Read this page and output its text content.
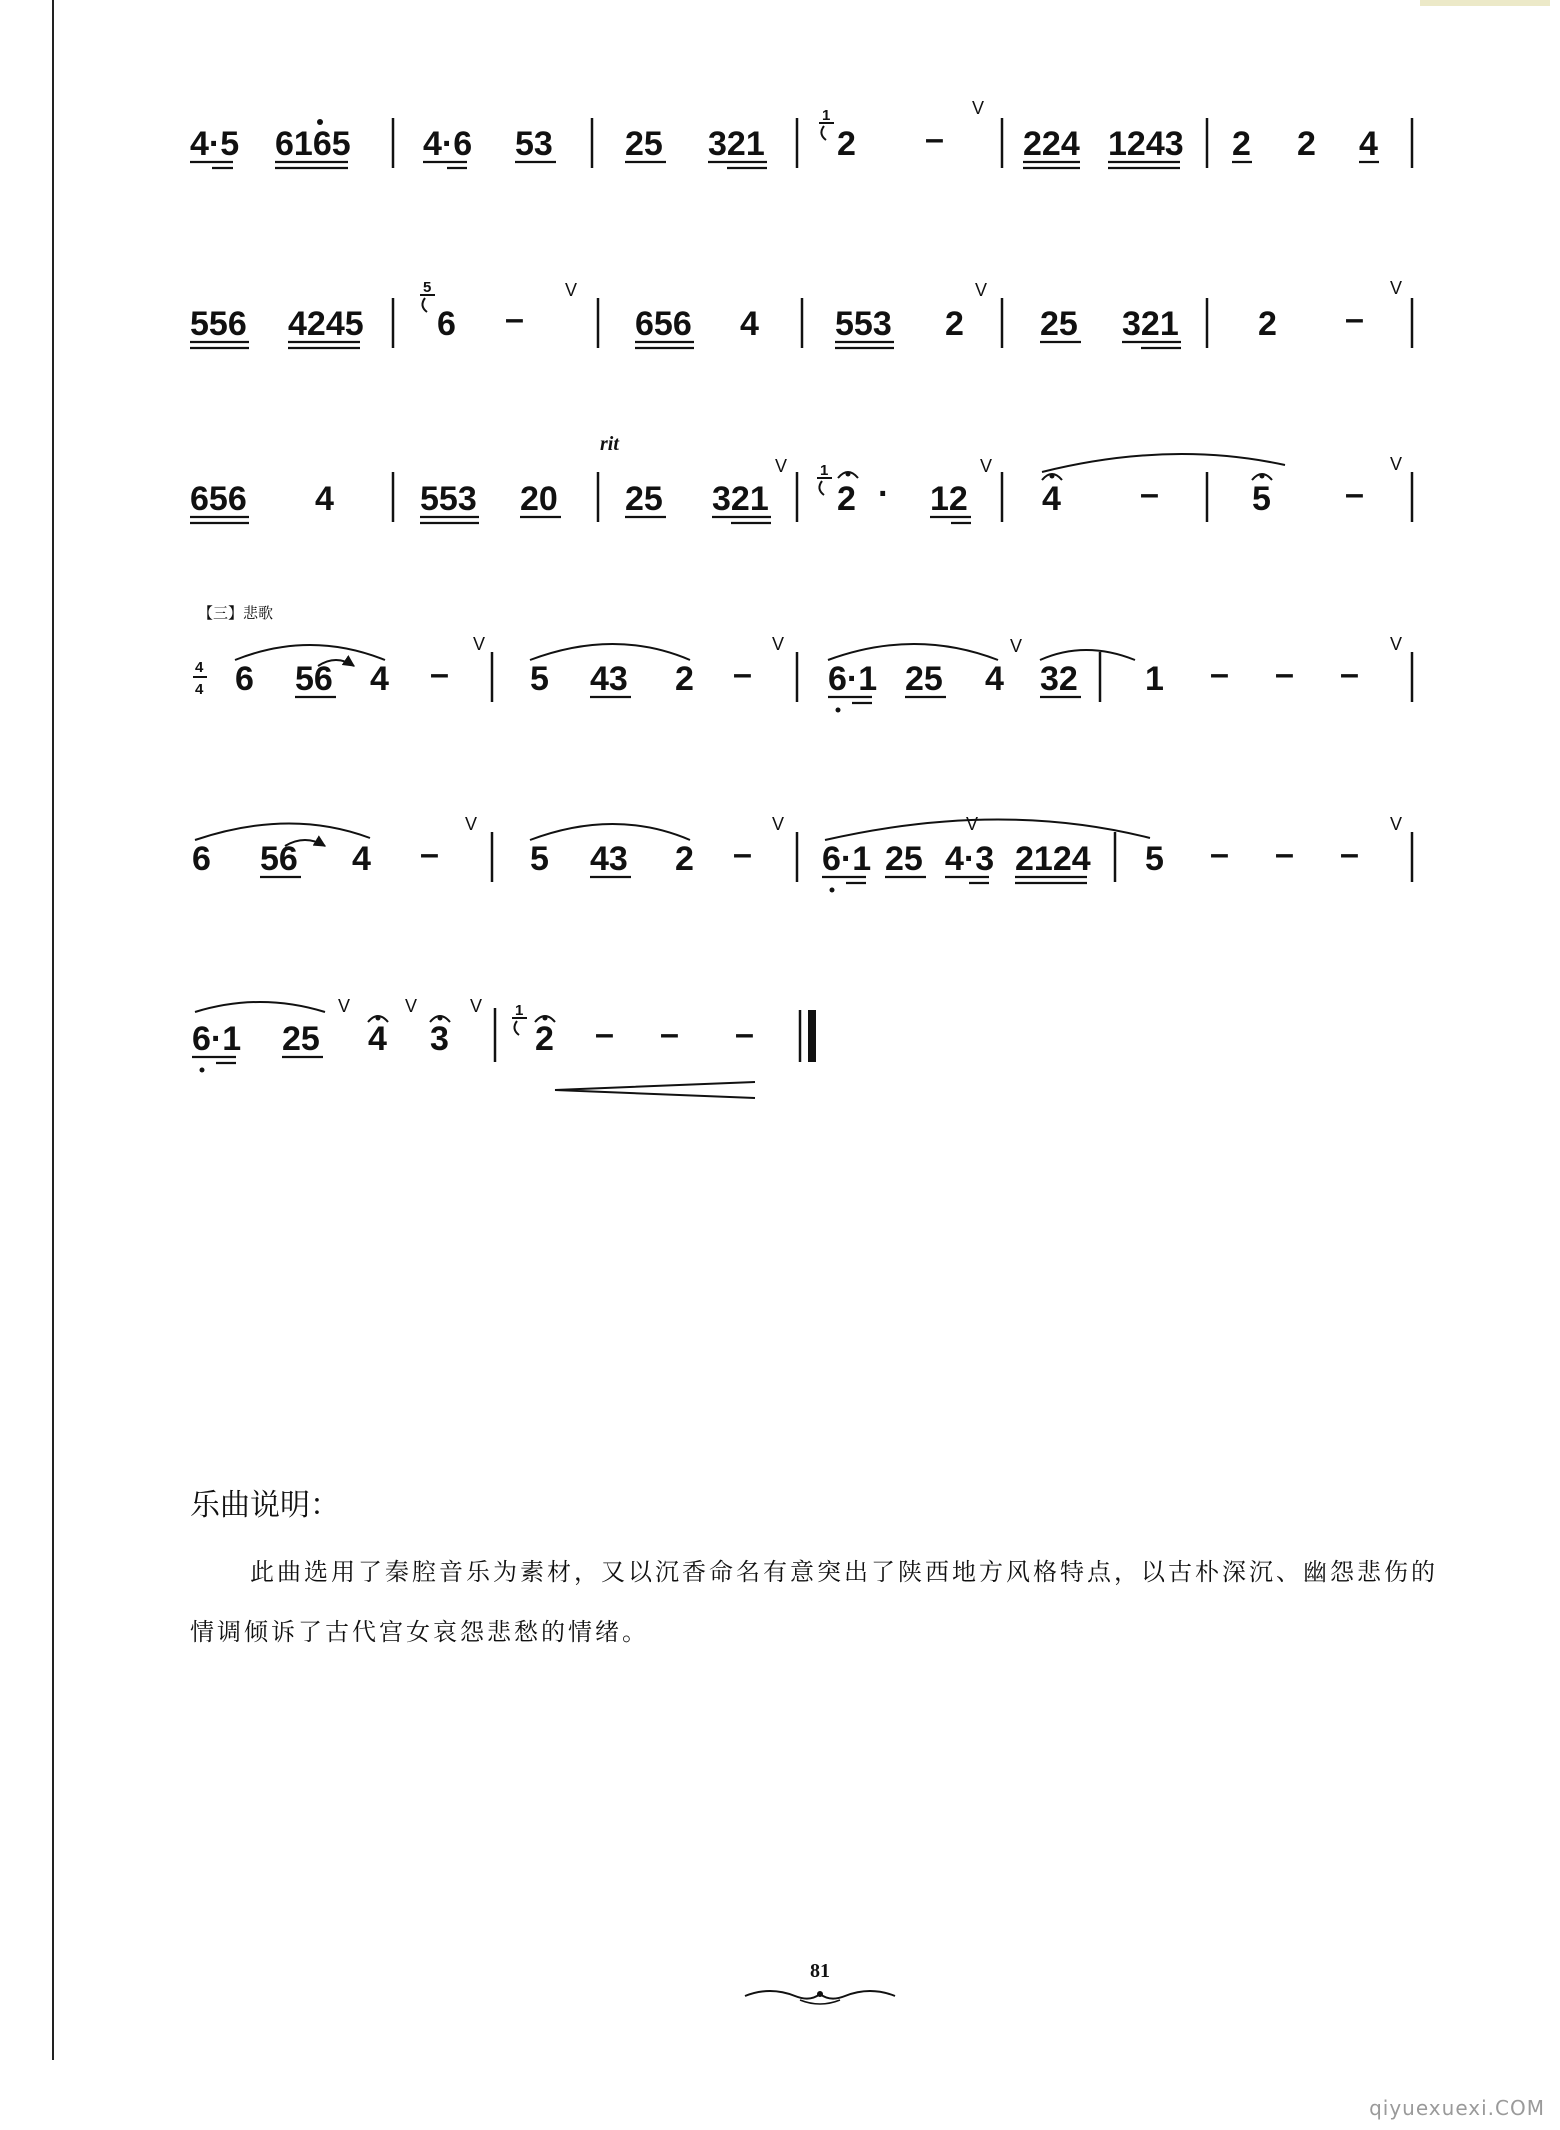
4·5 6165 4·6 53 25 321
1
2 –
V
224 1243 2 2 4
556 4245
5
6 –
V
656 4 553 2
V
25 321 2 –
V
rit
656 4	553 20 25 321
V 1
2 · 12
V
4 –	5 –
V
【三】悲歌
4
4 6 56 4 –
V
5 43 2 –
V
6·1 25 4
V
32 1 – – –
V
6 56 4 –
V
5 43 2 –
V
6·1 25 4·3
V
2124 5 – – –
V
6·1 25
V
4
V
3
V 1
2 – – –
乐曲说明：
此曲选用了秦腔音乐为素材，又以沉香命名有意突出了陕西地方风格特点，以古朴深沉、幽怨悲伤的情调倾诉了古代宫女哀怨悲愁的情绪。
81
qiyuexuexi.COM
